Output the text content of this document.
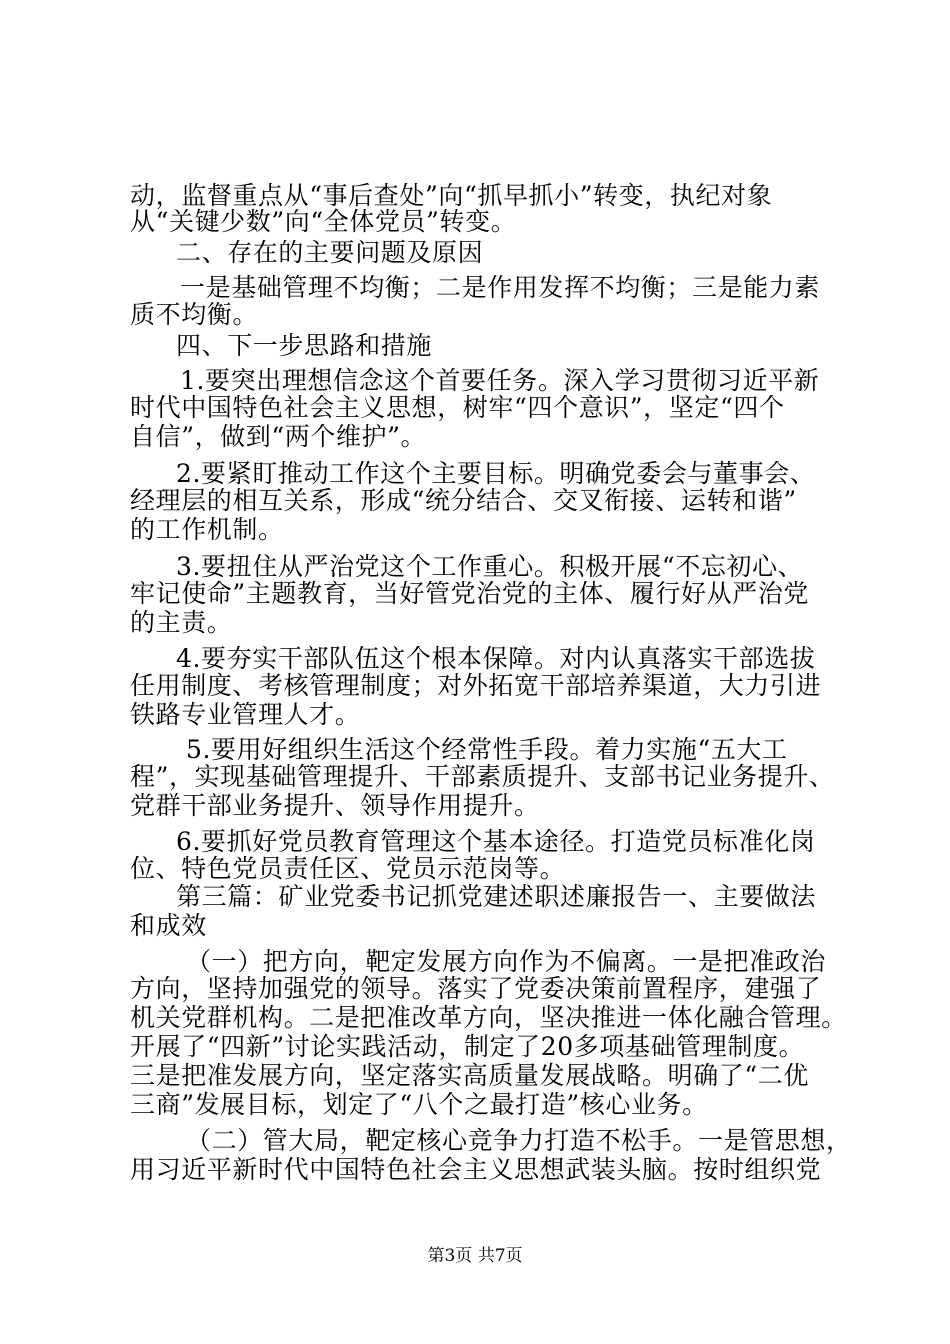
动，监督重点从“事后查处”向“抓早抓小”转变，执纪对象
从“关键少数”向“全体党员”转变。
二、存在的主要问题及原因
一是基础管理不均衡；二是作用发挥不均衡；三是能力素
质不均衡。
四、下一步思路和措施
1.要突出理想信念这个首要任务。深入学习贯彻习近平新
时代中国特色社会主义思想，树牢“四个意识”，坚定“四个
自信”，做到“两个维护”。
2.要紧盯推动工作这个主要目标。明确党委会与董事会、
经理层的相互关系，形成“统分结合、交叉衔接、运转和谐”
的工作机制。
3.要扭住从严治党这个工作重心。积极开展“不忘初心、
牢记使命”主题教育，当好管党治党的主体、履行好从严治党
的主责。
4.要夯实干部队伍这个根本保障。对内认真落实干部选拔
任用制度、考核管理制度；对外拓宽干部培养渠道，大力引进
铁路专业管理人才。
5.要用好组织生活这个经常性手段。着力实施“五大工
程”，实现基础管理提升、干部素质提升、支部书记业务提升、
党群干部业务提升、领导作用提升。
6.要抓好党员教育管理这个基本途径。打造党员标准化岗
位、特色党员责任区、党员示范岗等。
第三篇：矿业党委书记抓党建述职述廉报告一、主要做法
和成效
（一）把方向，靶定发展方向作为不偏离。一是把准政治
方向，坚持加强党的领导。落实了党委决策前置程序，建强了
机关党群机构。二是把准改革方向，坚决推进一体化融合管理。
开展了“四新”讨论实践活动，制定了20多项基础管理制度。
三是把准发展方向，坚定落实高质量发展战略。明确了“二优
三商”发展目标，划定了“八个之最打造”核心业务。
（二）管大局，靶定核心竞争力打造不松手。一是管思想，
用习近平新时代中国特色社会主义思想武装头脑。按时组织党
第3页 共7页
